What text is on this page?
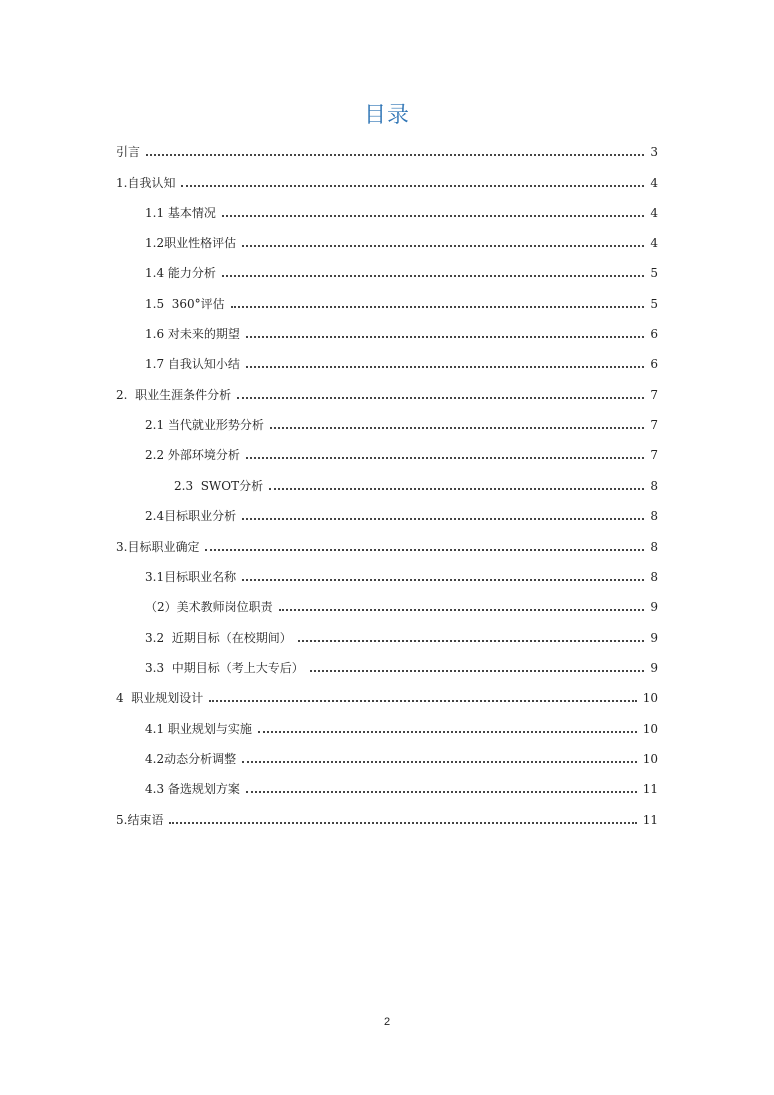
目录
引言	3
1.自我认知	4
1.1 基本情况	4
1.2职业性格评估	4
1.4 能力分析	5
1.5  360°评估	5
1.6 对未来的期望	6
1.7 自我认知小结	6
2.  职业生涯条件分析	7
2.1 当代就业形势分析	7
2.2 外部环境分析	7
2.3  SWOT分析	8
2.4目标职业分析	8
3.目标职业确定	8
3.1目标职业名称	8
（2）美术教师岗位职责	9
3.2  近期目标（在校期间）	9
3.3  中期目标（考上大专后）	9
4  职业规划设计	10
4.1 职业规划与实施	10
4.2动态分析调整	10
4.3 备选规划方案	11
5.结束语	11
2
